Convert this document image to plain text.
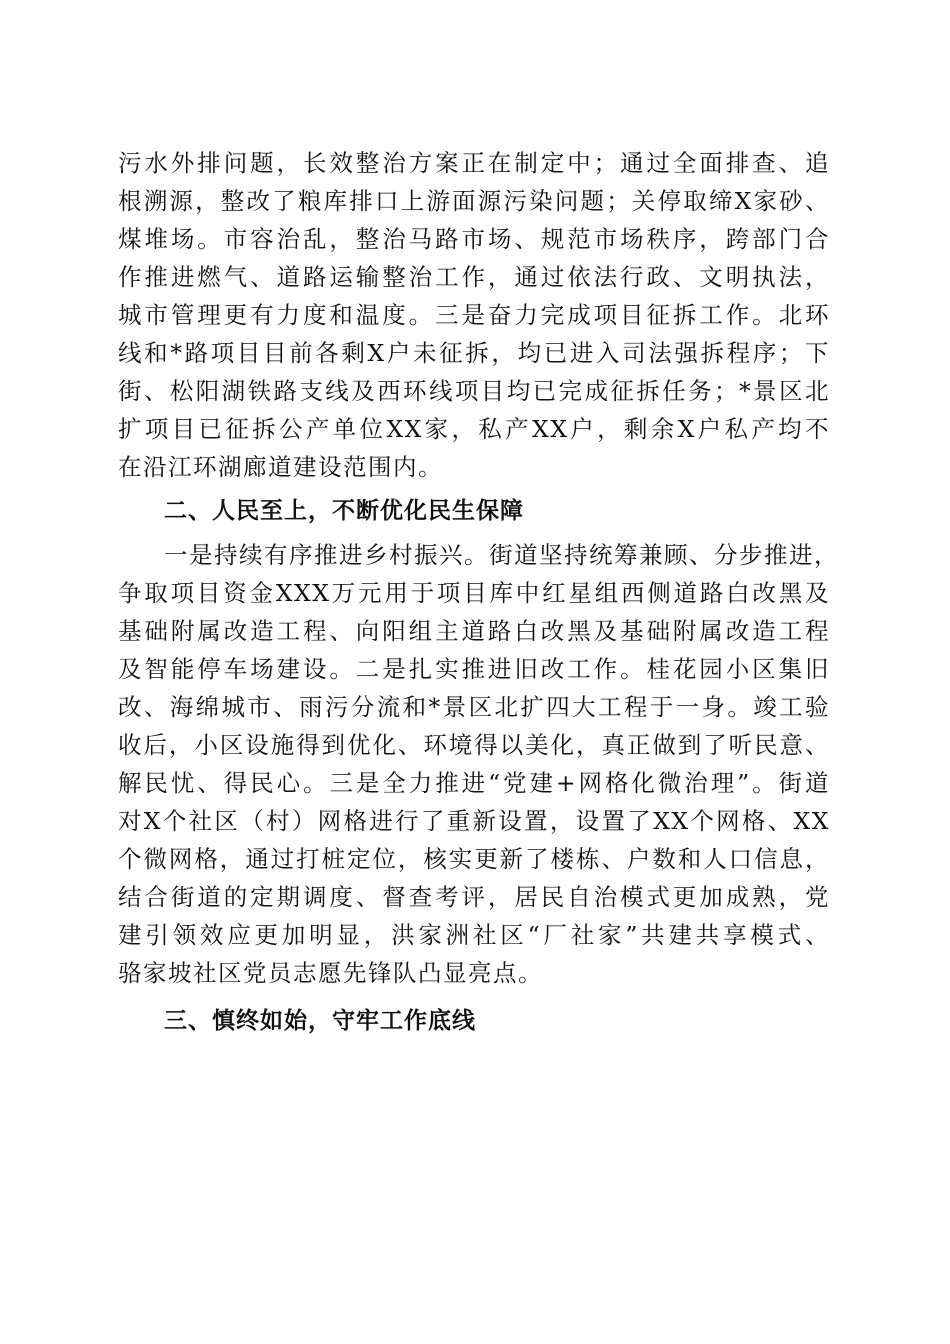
污水外排问题，长效整治方案正在制定中；通过全面排查、追
根溯源，整改了粮库排口上游面源污染问题；关停取缔X家砂、
煤堆场。市容治乱，整治马路市场、规范市场秩序，跨部门合
作推进燃气、道路运输整治工作，通过依法行政、文明执法，
城市管理更有力度和温度。三是奋力完成项目征拆工作。北环
线和*路项目目前各剩X户未征拆，均已进入司法强拆程序；下
街、松阳湖铁路支线及西环线项目均已完成征拆任务；*景区北
扩项目已征拆公产单位XX家，私产XX户，剩余X户私产均不
在沿江环湖廊道建设范围内。
二、人民至上，不断优化民生保障
一是持续有序推进乡村振兴。街道坚持统筹兼顾、分步推进，
争取项目资金XXX万元用于项目库中红星组西侧道路白改黑及
基础附属改造工程、向阳组主道路白改黑及基础附属改造工程
及智能停车场建设。二是扎实推进旧改工作。桂花园小区集旧
改、海绵城市、雨污分流和*景区北扩四大工程于一身。竣工验
收后，小区设施得到优化、环境得以美化，真正做到了听民意、
解民忧、得民心。三是全力推进“党建+网格化微治理”。街道
对X个社区（村）网格进行了重新设置，设置了XX个网格、XX
个微网格，通过打桩定位，核实更新了楼栋、户数和人口信息，
结合街道的定期调度、督查考评，居民自治模式更加成熟，党
建引领效应更加明显，洪家洲社区“厂社家”共建共享模式、
骆家坡社区党员志愿先锋队凸显亮点。
三、慎终如始，守牢工作底线
